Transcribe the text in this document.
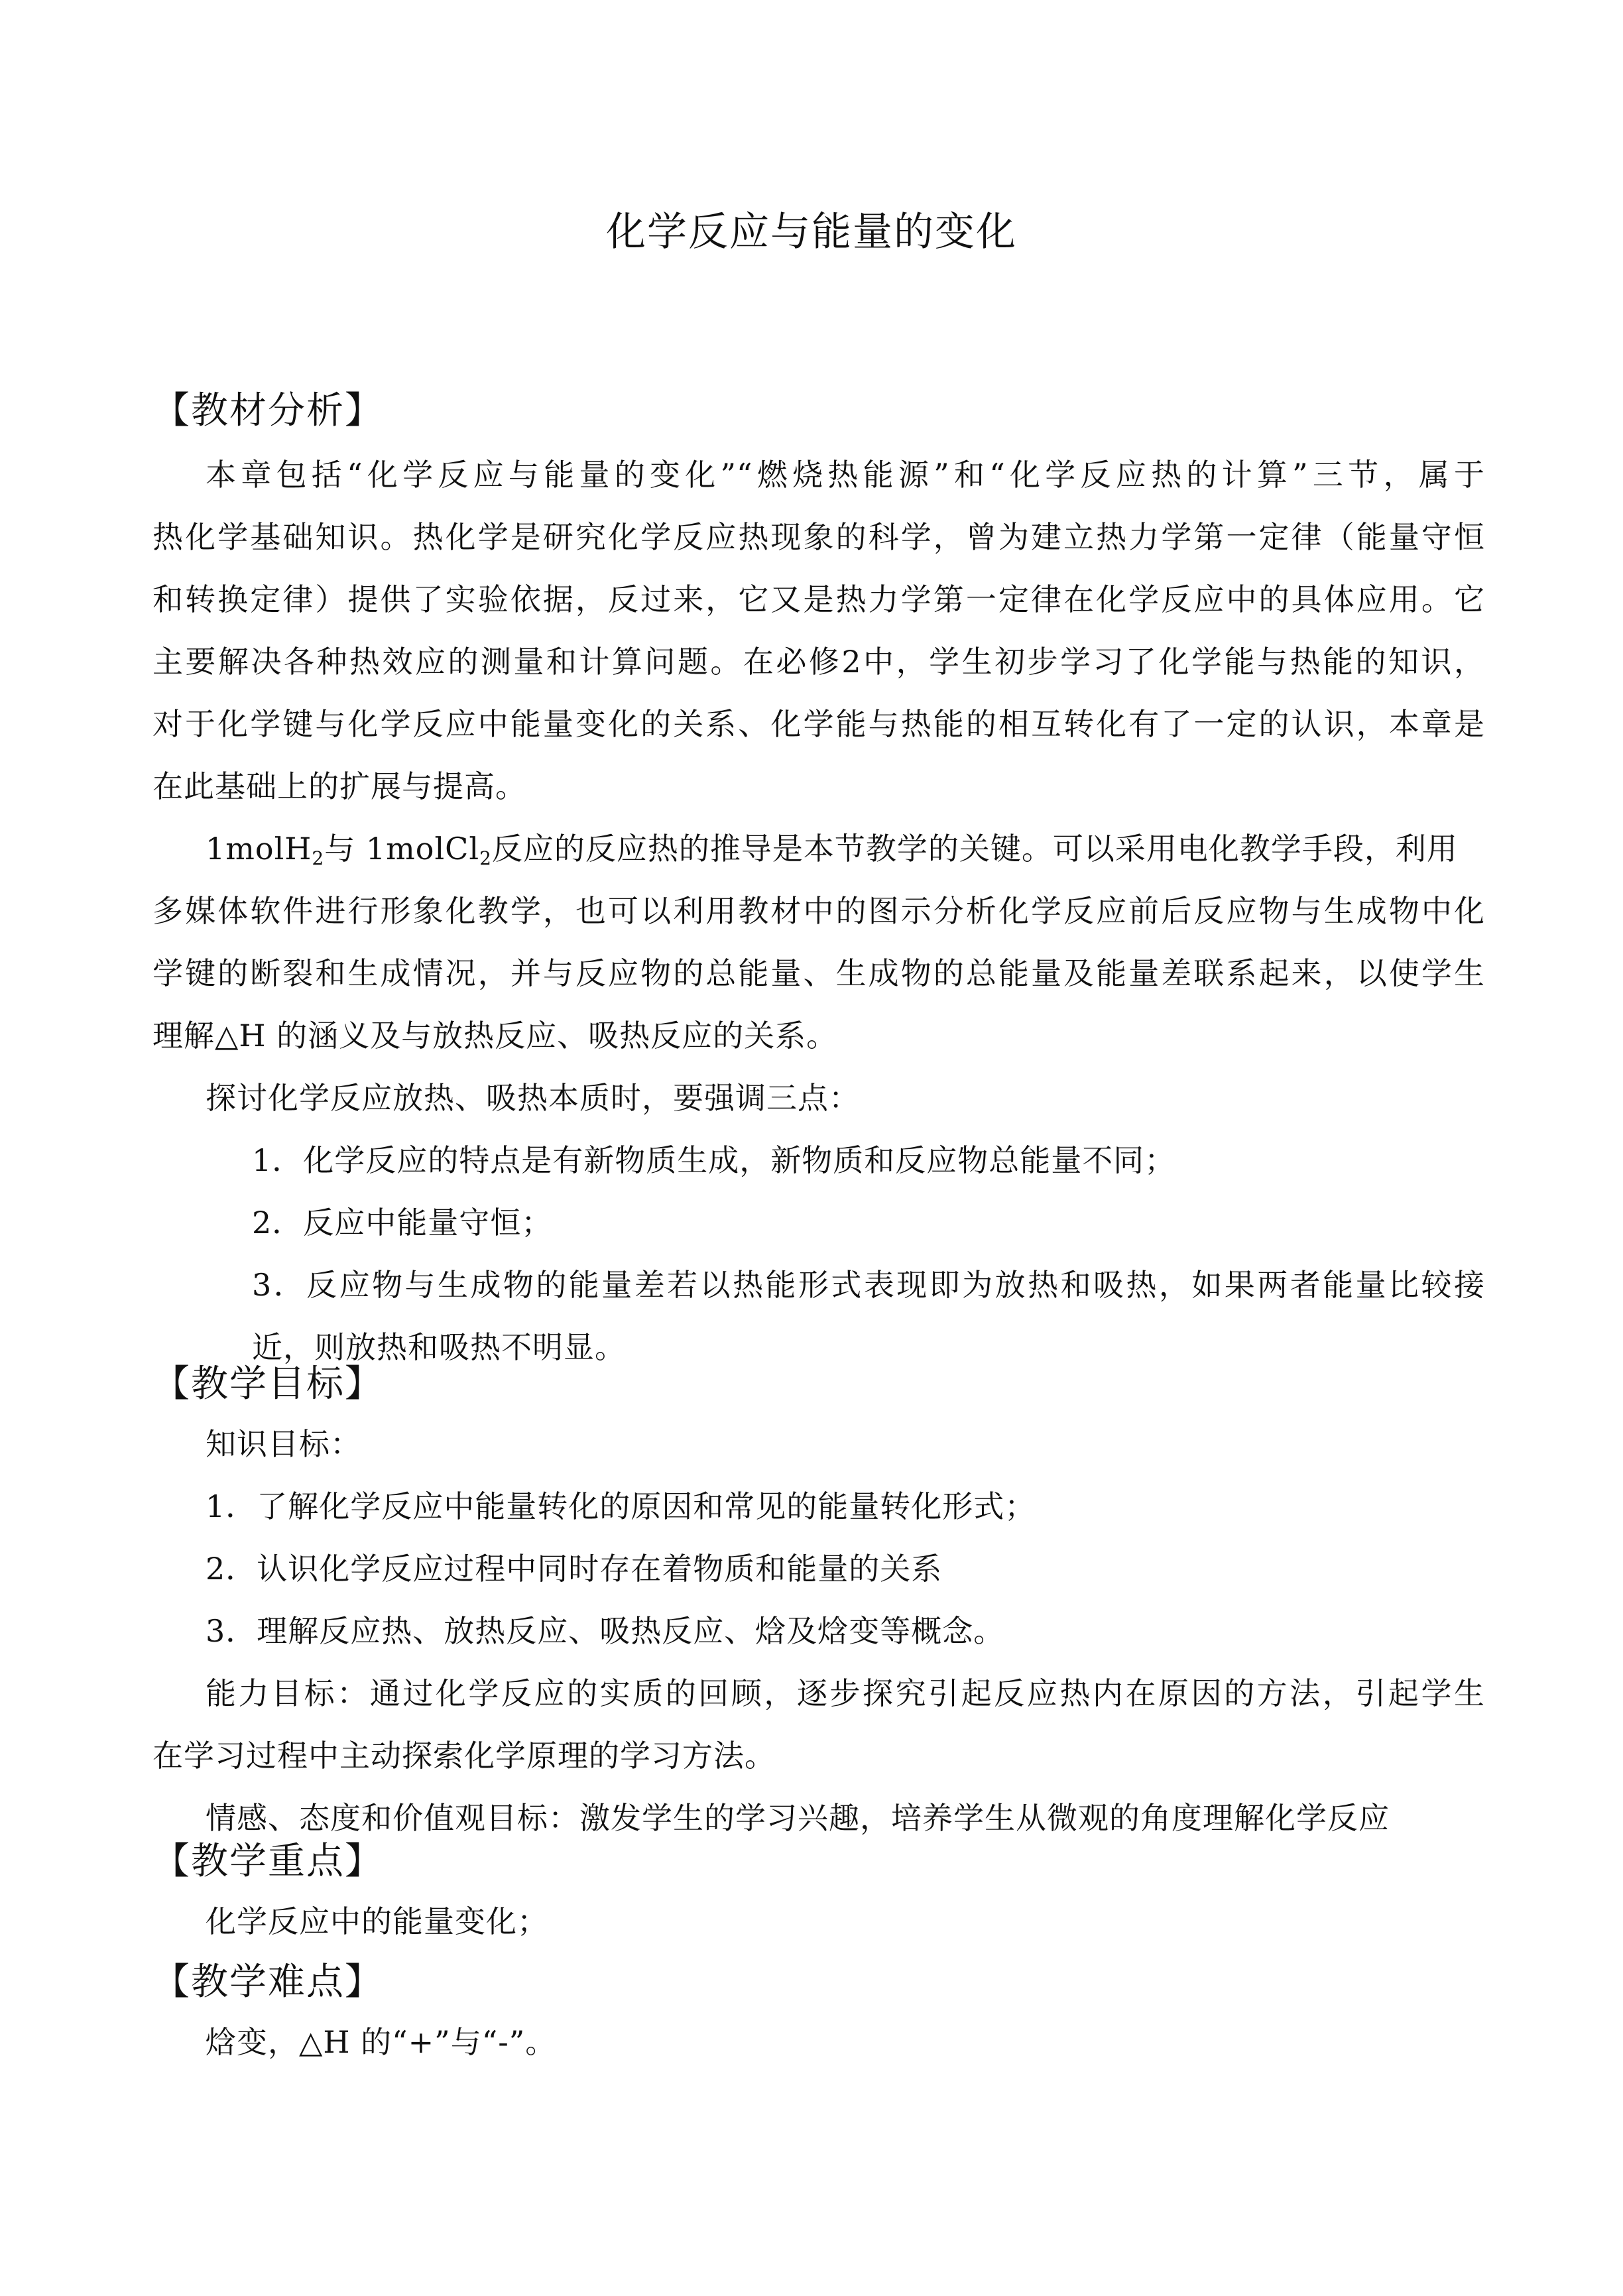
化学反应与能量的变化
【教材分析】
本章包括“化学反应与能量的变化”“燃烧热能源”和“化学反应热的计算”三节，属于
热化学基础知识。热化学是研究化学反应热现象的科学，曾为建立热力学第一定律（能量守恒
和转换定律）提供了实验依据，反过来，它又是热力学第一定律在化学反应中的具体应用。它
主要解决各种热效应的测量和计算问题。在必修2中，学生初步学习了化学能与热能的知识，
对于化学键与化学反应中能量变化的关系、化学能与热能的相互转化有了一定的认识，本章是
在此基础上的扩展与提高。
1molH$_2$与 1molCl$_2$反应的反应热的推导是本节教学的关键。可以采用电化教学手段，利用
多媒体软件进行形象化教学，也可以利用教材中的图示分析化学反应前后反应物与生成物中化
学键的断裂和生成情况，并与反应物的总能量、生成物的总能量及能量差联系起来，以使学生
理解△H 的涵义及与放热反应、吸热反应的关系。
探讨化学反应放热、吸热本质时，要强调三点：
1．化学反应的特点是有新物质生成，新物质和反应物总能量不同；
2．反应中能量守恒；
3．反应物与生成物的能量差若以热能形式表现即为放热和吸热，如果两者能量比较接
近，则放热和吸热不明显。
【教学目标】
知识目标：
1．了解化学反应中能量转化的原因和常见的能量转化形式；
2．认识化学反应过程中同时存在着物质和能量的关系
3．理解反应热、放热反应、吸热反应、焓及焓变等概念。
能力目标：通过化学反应的实质的回顾，逐步探究引起反应热内在原因的方法，引起学生
在学习过程中主动探索化学原理的学习方法。
情感、态度和价值观目标：激发学生的学习兴趣，培养学生从微观的角度理解化学反应
【教学重点】
化学反应中的能量变化；
【教学难点】
焓变，△H 的“+”与“-”。
